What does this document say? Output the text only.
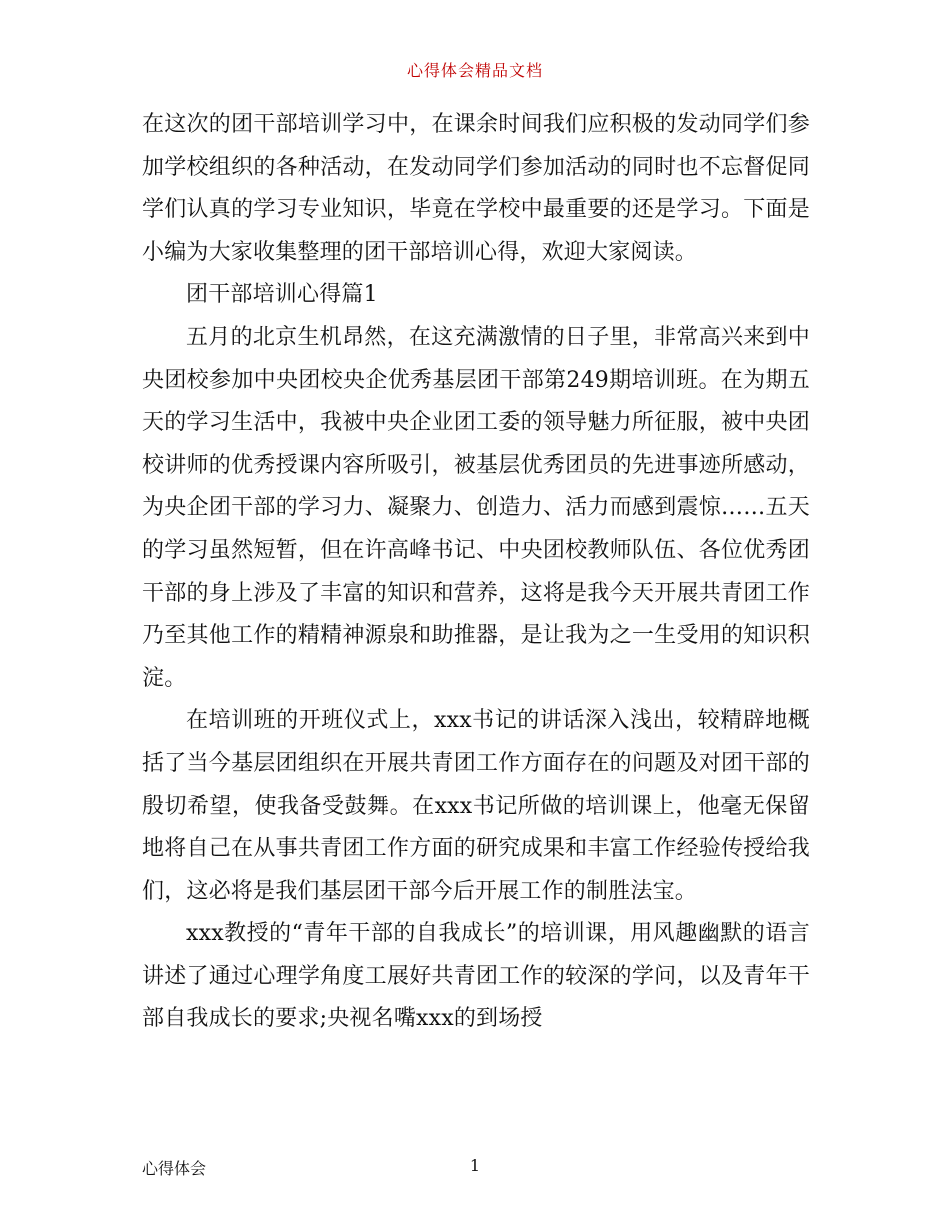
心得体会精品文档

在这次的团干部培训学习中，在课余时间我们应积极的发动同学们参加学校组织的各种活动，在发动同学们参加活动的同时也不忘督促同学们认真的学习专业知识，毕竟在学校中最重要的还是学习。下面是小编为大家收集整理的团干部培训心得，欢迎大家阅读。

团干部培训心得篇1

五月的北京生机昂然，在这充满激情的日子里，非常高兴来到中央团校参加中央团校央企优秀基层团干部第249期培训班。在为期五天的学习生活中，我被中央企业团工委的领导魅力所征服，被中央团校讲师的优秀授课内容所吸引，被基层优秀团员的先进事迹所感动，为央企团干部的学习力、凝聚力、创造力、活力而感到震惊……五天的学习虽然短暂，但在许高峰书记、中央团校教师队伍、各位优秀团干部的身上涉及了丰富的知识和营养，这将是我今天开展共青团工作乃至其他工作的精精神源泉和助推器，是让我为之一生受用的知识积淀。

在培训班的开班仪式上，xxx书记的讲话深入浅出，较精辟地概括了当今基层团组织在开展共青团工作方面存在的问题及对团干部的殷切希望，使我备受鼓舞。在xxx书记所做的培训课上，他毫无保留地将自己在从事共青团工作方面的研究成果和丰富工作经验传授给我们，这必将是我们基层团干部今后开展工作的制胜法宝。

xxx教授的“青年干部的自我成长”的培训课，用风趣幽默的语言讲述了通过心理学角度工展好共青团工作的较深的学问，以及青年干部自我成长的要求;央视名嘴xxx的到场授

心得体会	1
